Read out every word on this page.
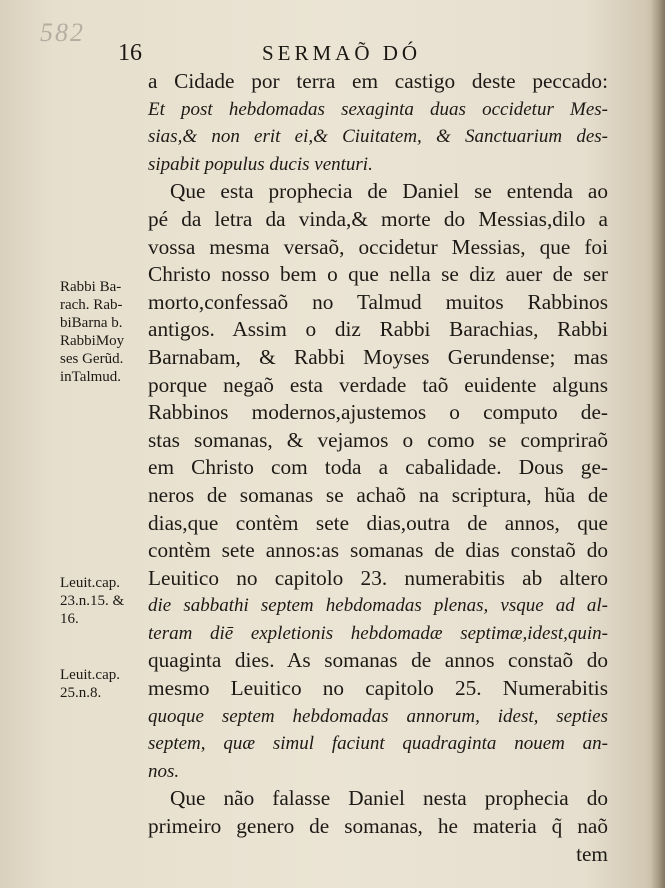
582
16	SERMAÕ DÓ
a Cidade por terra em castigo deste peccado:
Et post hebdomadas sexaginta duas occidetur Mes-
sias,& non erit ei,& Ciuitatem, & Sanctuarium des-
sipabit populus ducis venturi.
Que esta prophecia de Daniel se entenda ao
pé da letra da vinda,& morte do Messias,dilo a
vossa mesma versaõ, occidetur Messias, que foi
Christo nosso bem o que nella se diz auer de ser
morto,confessaõ no Talmud muitos Rabbinos
antigos. Assim o diz Rabbi Barachias, Rabbi
Barnabam, & Rabbi Moyses Gerundense; mas
porque negaõ esta verdade taõ euidente alguns
Rabbinos modernos,ajustemos o computo de-
stas somanas, & vejamos o como se compriraõ
em Christo com toda a cabalidade. Dous ge-
neros de somanas se achaõ na scriptura, hũa de
dias,que contèm sete dias,outra de annos, que
contèm sete annos:as somanas de dias constaõ do
Leuitico no capitolo 23. numerabitis ab altero
die sabbathi septem hebdomadas plenas, vsque ad al-
teram diē expletionis hebdomadæ septimæ,idest,quin-
quaginta dies. As somanas de annos constaõ do
mesmo Leuitico no capitolo 25. Numerabitis
quoque septem hebdomadas annorum, idest, septies
septem, quæ simul faciunt quadraginta nouem an-
nos.
Que não falasse Daniel nesta prophecia do
primeiro genero de somanas, he materia q̃ naõ
tem
Rabbi Ba-
rach. Rab-
biBarna b.
RabbiMoy
ses Gerũd.
inTalmud.
Leuit.cap.
23.n.15. &
16.
Leuit.cap.
25.n.8.
